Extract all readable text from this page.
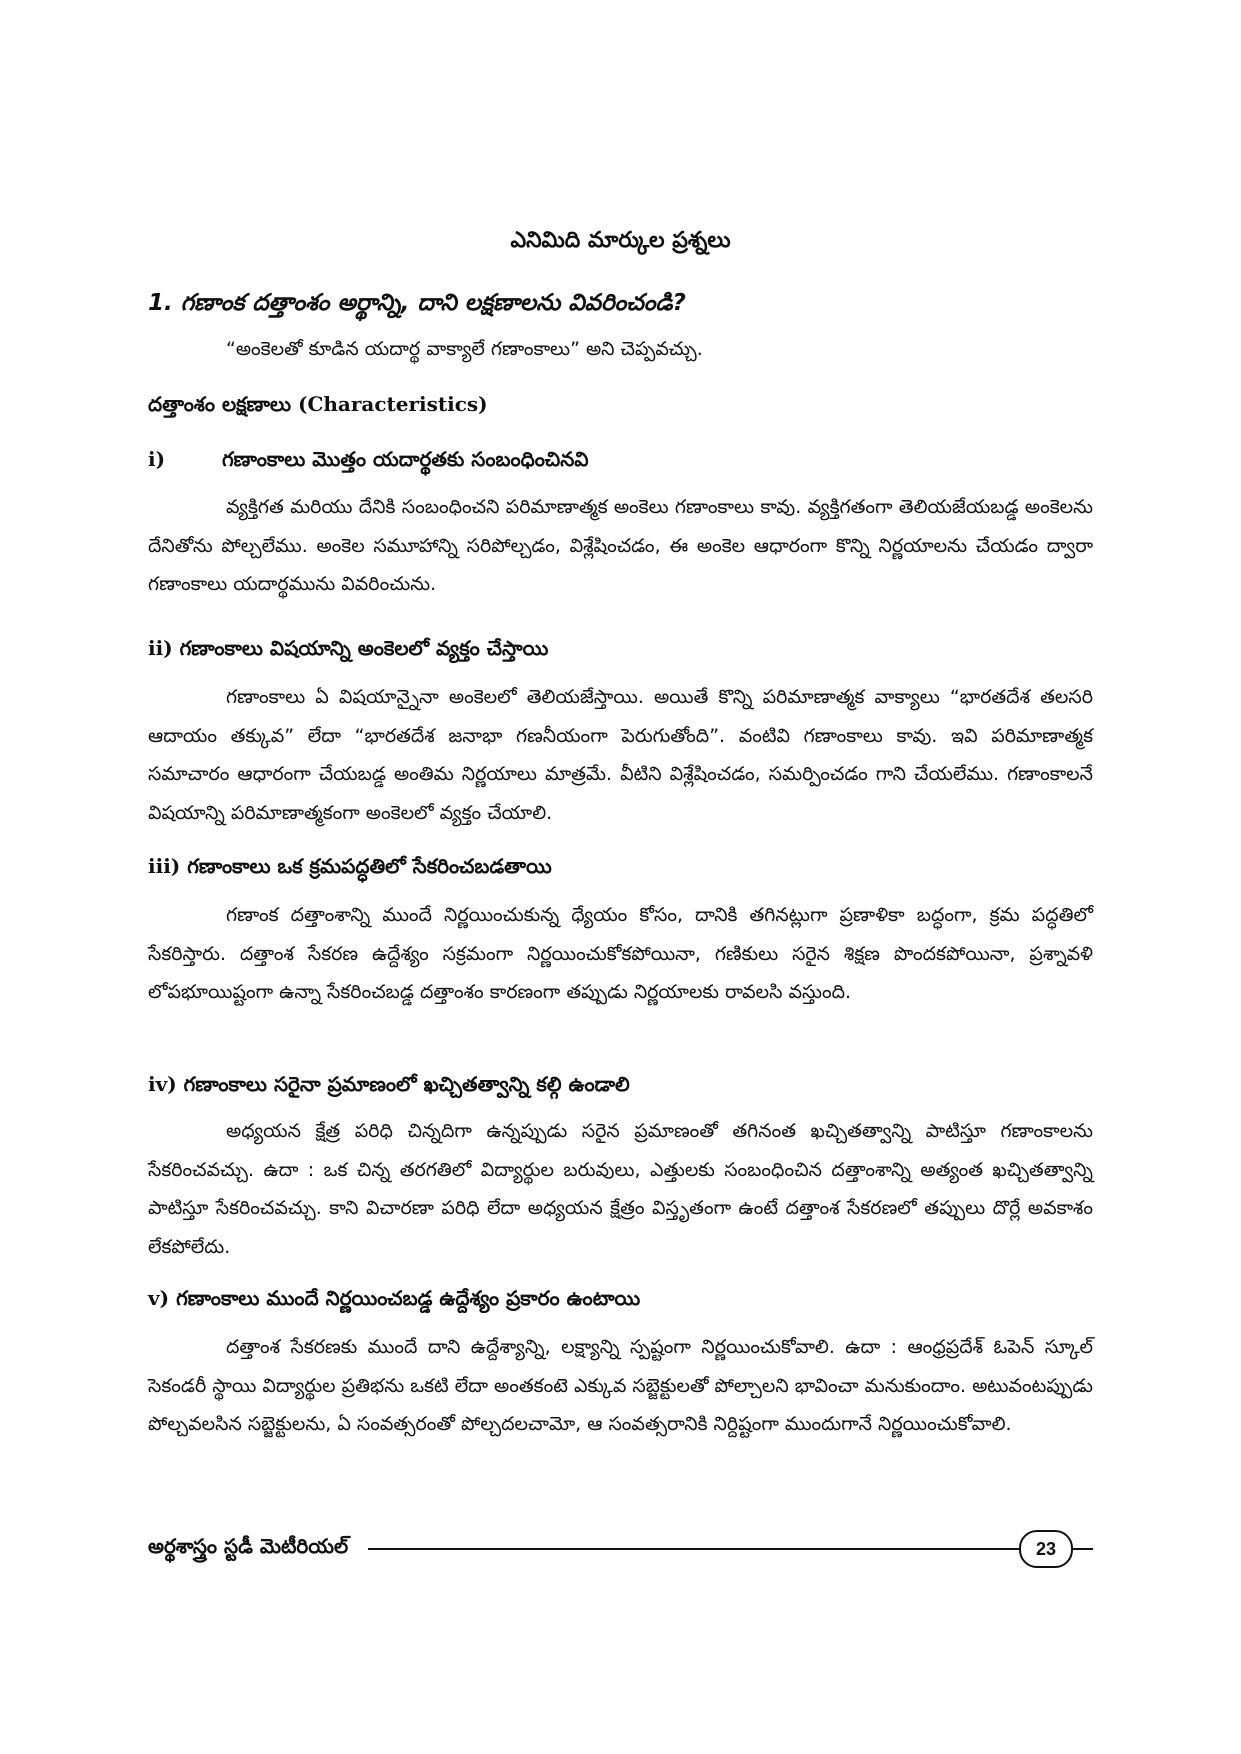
ఎనిమిది మార్కుల ప్రశ్నలు
1. గణాంక దత్తాంశం అర్థాన్ని, దాని లక్షణాలను వివరించండి?
“అంకెలతో కూడిన యదార్థ వాక్యాలే గణాంకాలు” అని చెప్పవచ్చు.
దత్తాంశం లక్షణాలు (Characteristics)
i)	గణాంకాలు మొత్తం యదార్థతకు సంబంధించినవి

వ్యక్తిగత మరియు దేనికి సంబంధించని పరిమాణాత్మక అంకెలు గణాంకాలు కావు. వ్యక్తిగతంగా తెలియజేయబడ్డ అంకెలను దేనితోను పోల్చలేము. అంకెల సమూహాన్ని సరిపోల్చడం, విశ్లేషించడం, ఈ అంకెల ఆధారంగా కొన్ని నిర్ణయాలను చేయడం ద్వారా గణాంకాలు యదార్థమును వివరించును.

ii) గణాంకాలు విషయాన్ని అంకెలలో వ్యక్తం చేస్తాయి

గణాంకాలు ఏ విషయాన్నైనా అంకెలలో తెలియజేస్తాయి. అయితే కొన్ని పరిమాణాత్మక వాక్యాలు “భారతదేశ తలసరి ఆదాయం తక్కువ” లేదా “భారతదేశ జనాభా గణనీయంగా పెరుగుతోంది”. వంటివి గణాంకాలు కావు. ఇవి పరిమాణాత్మక సమాచారం ఆధారంగా చేయబడ్డ అంతిమ నిర్ణయాలు మాత్రమే. వీటిని విశ్లేషించడం, సమర్పించడం గాని చేయలేము. గణాంకాలనే విషయాన్ని పరిమాణాత్మకంగా అంకెలలో వ్యక్తం చేయాలి.

iii) గణాంకాలు ఒక క్రమపద్ధతిలో సేకరించబడతాయి

గణాంక దత్తాంశాన్ని ముందే నిర్ణయించుకున్న ధ్యేయం కోసం, దానికి తగినట్లుగా ప్రణాళికా బద్ధంగా, క్రమ పద్ధతిలో సేకరిస్తారు. దత్తాంశ సేకరణ ఉద్దేశ్యం సక్రమంగా నిర్ణయించుకోకపోయినా, గణికులు సరైన శిక్షణ పొందకపోయినా, ప్రశ్నావళి లోపభూయిష్టంగా ఉన్నా సేకరించబడ్డ దత్తాంశం కారణంగా తప్పుడు నిర్ణయాలకు రావలసి వస్తుంది.

iv) గణాంకాలు సరైనా ప్రమాణంలో ఖచ్చితత్వాన్ని కల్గి ఉండాలి

అధ్యయన క్షేత్ర పరిధి చిన్నదిగా ఉన్నప్పుడు సరైన ప్రమాణంతో తగినంత ఖచ్చితత్వాన్ని పాటిస్తూ గణాంకాలను సేకరించవచ్చు. ఉదా : ఒక చిన్న తరగతిలో విద్యార్థుల బరువులు, ఎత్తులకు సంబంధించిన దత్తాంశాన్ని అత్యంత ఖచ్చితత్వాన్ని పాటిస్తూ సేకరించవచ్చు. కాని విచారణా పరిధి లేదా అధ్యయన క్షేత్రం విస్తృతంగా ఉంటే దత్తాంశ సేకరణలో తప్పులు దొర్లే అవకాశం లేకపోలేదు.

v) గణాంకాలు ముందే నిర్ణయించబడ్డ ఉద్దేశ్యం ప్రకారం ఉంటాయి

దత్తాంశ సేకరణకు ముందే దాని ఉద్దేశ్యాన్ని, లక్ష్యాన్ని స్పష్టంగా నిర్ణయించుకోవాలి. ఉదా : ఆంధ్రప్రదేశ్ ఓపెన్ స్కూల్ సెకండరీ స్థాయి విద్యార్థుల ప్రతిభను ఒకటి లేదా అంతకంటె ఎక్కువ సబ్జెక్టులతో పోల్చాలని భావించా మనుకుందాం. అటువంటప్పుడు పోల్చవలసిన సబ్జెక్టులను, ఏ సంవత్సరంతో పోల్చదలచామో, ఆ సంవత్సరానికి నిర్దిష్టంగా ముందుగానే నిర్ణయించుకోవాలి.

అర్థశాస్త్రం స్టడీ మెటీరియల్	23
